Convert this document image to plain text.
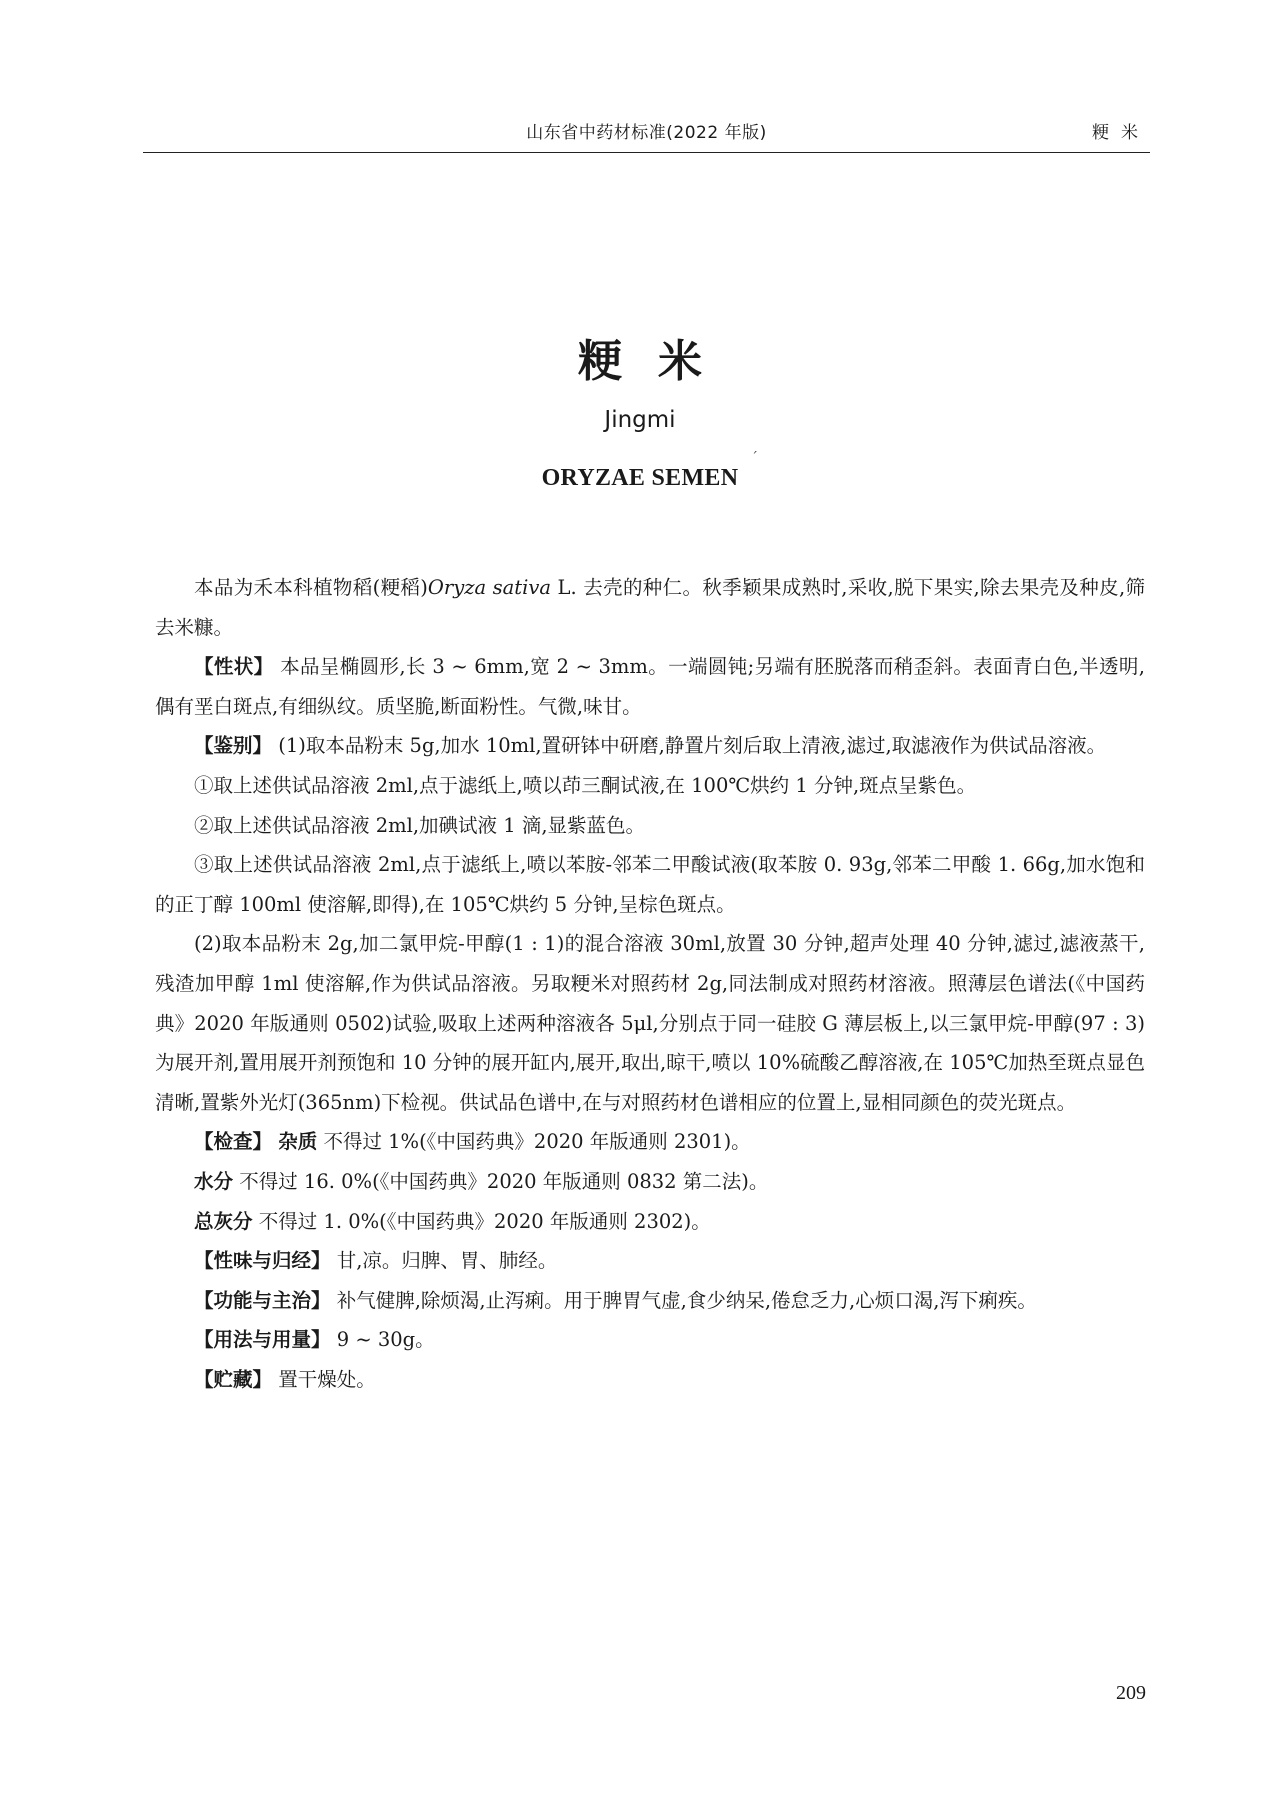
山东省中药材标准(2022 年版)	粳米
粳米
Jingmi
ORYZAE SEMEN
ˊ

本品为禾本科植物稻(粳稻)Oryza sativa L. 去壳的种仁。秋季颖果成熟时,采收,脱下果实,除去果壳及种皮,筛去米糠。

【性状】 本品呈椭圆形,长 3 ~ 6mm,宽 2 ~ 3mm。一端圆钝;另端有胚脱落而稍歪斜。表面青白色,半透明,偶有垩白斑点,有细纵纹。质坚脆,断面粉性。气微,味甘。

【鉴别】 (1)取本品粉末 5g,加水 10ml,置研钵中研磨,静置片刻后取上清液,滤过,取滤液作为供试品溶液。

①取上述供试品溶液 2ml,点于滤纸上,喷以茚三酮试液,在 100℃烘约 1 分钟,斑点呈紫色。

②取上述供试品溶液 2ml,加碘试液 1 滴,显紫蓝色。

③取上述供试品溶液 2ml,点于滤纸上,喷以苯胺-邻苯二甲酸试液(取苯胺 0. 93g,邻苯二甲酸 1. 66g,加水饱和的正丁醇 100ml 使溶解,即得),在 105℃烘约 5 分钟,呈棕色斑点。

(2)取本品粉末 2g,加二氯甲烷-甲醇(1 : 1)的混合溶液 30ml,放置 30 分钟,超声处理 40 分钟,滤过,滤液蒸干,残渣加甲醇 1ml 使溶解,作为供试品溶液。另取粳米对照药材 2g,同法制成对照药材溶液。照薄层色谱法(《中国药典》2020 年版通则 0502)试验,吸取上述两种溶液各 5μl,分别点于同一硅胶 G 薄层板上,以三氯甲烷-甲醇(97 : 3)为展开剂,置用展开剂预饱和 10 分钟的展开缸内,展开,取出,晾干,喷以 10%硫酸乙醇溶液,在 105℃加热至斑点显色清晰,置紫外光灯(365nm)下检视。供试品色谱中,在与对照药材色谱相应的位置上,显相同颜色的荧光斑点。

【检查】 杂质 不得过 1%(《中国药典》2020 年版通则 2301)。

水分 不得过 16. 0%(《中国药典》2020 年版通则 0832 第二法)。

总灰分 不得过 1. 0%(《中国药典》2020 年版通则 2302)。

【性味与归经】 甘,凉。归脾、胃、肺经。

【功能与主治】 补气健脾,除烦渴,止泻痢。用于脾胃气虚,食少纳呆,倦怠乏力,心烦口渴,泻下痢疾。

【用法与用量】 9 ~ 30g。

【贮藏】 置干燥处。

209
